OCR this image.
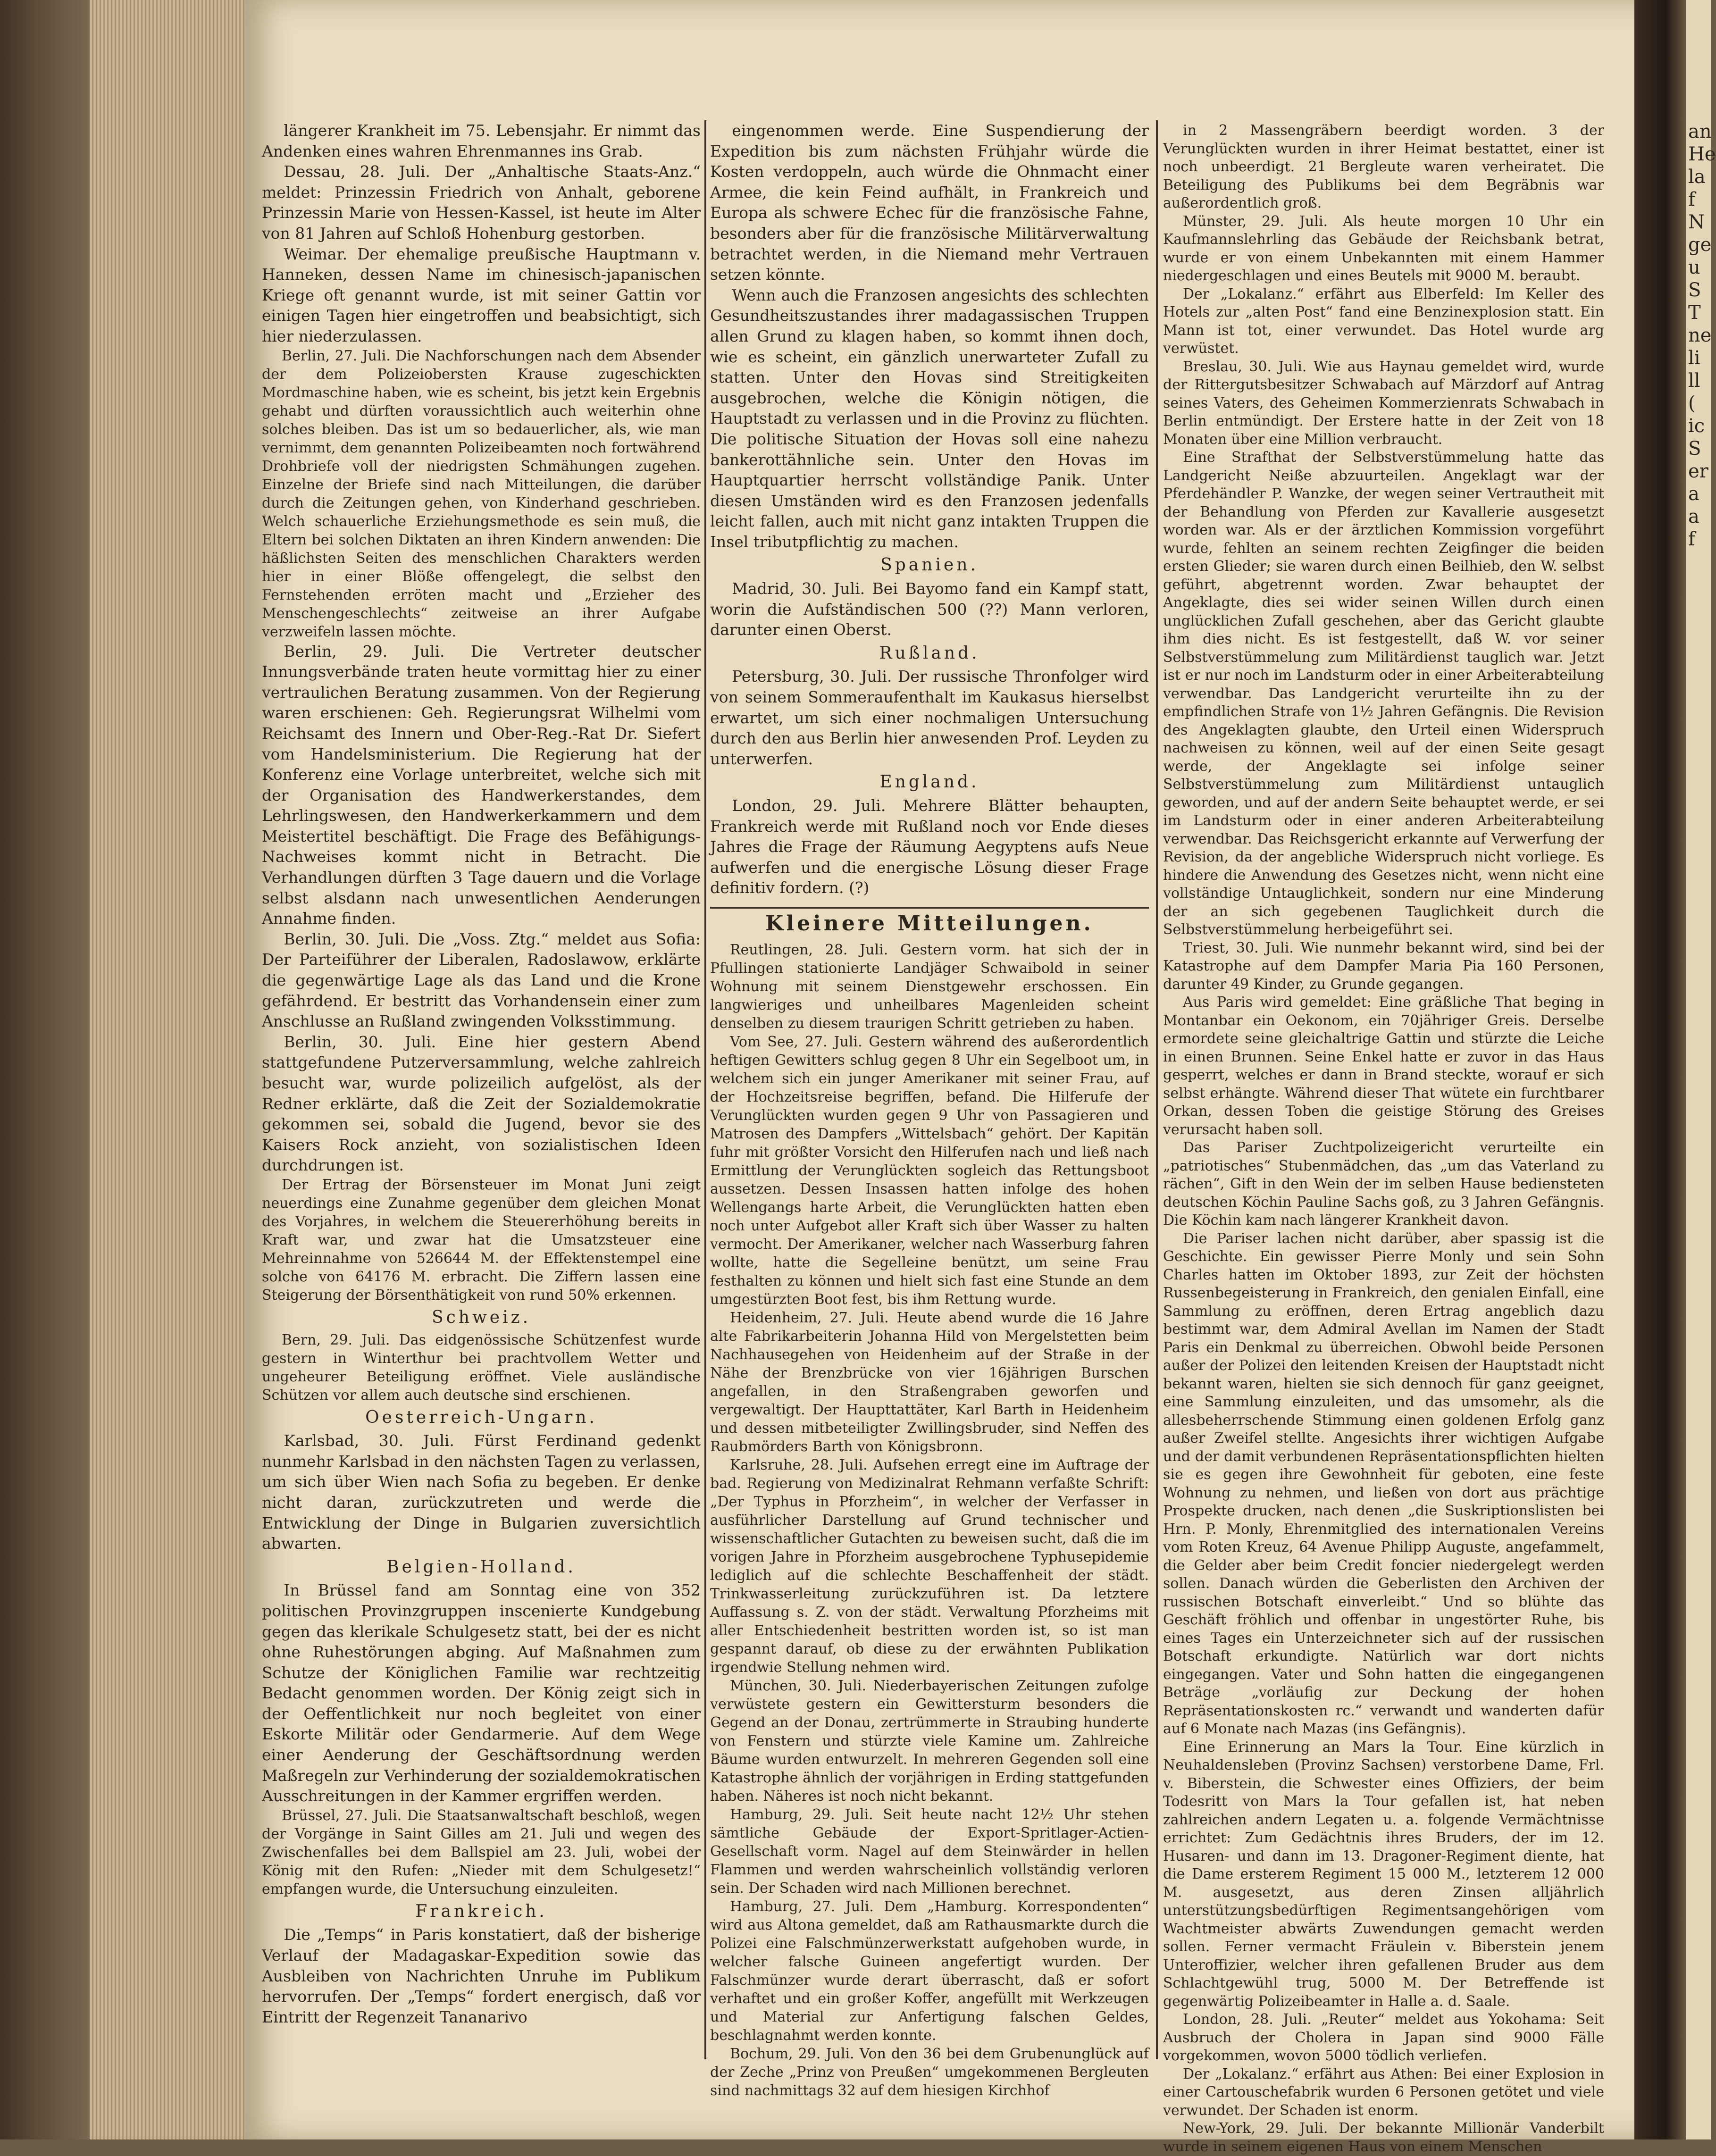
längerer Krankheit im 75. Lebensjahr. Er nimmt das Andenken eines wahren Ehrenmannes ins Grab.

Dessau, 28. Juli. Der „Anhaltische Staats-Anz.“ meldet: Prinzessin Friedrich von Anhalt, geborene Prinzessin Marie von Hessen-Kassel, ist heute im Alter von 81 Jahren auf Schloß Hohenburg gestorben.

Weimar. Der ehemalige preußische Hauptmann v. Hanneken, dessen Name im chinesisch-japanischen Kriege oft genannt wurde, ist mit seiner Gattin vor einigen Tagen hier eingetroffen und beabsichtigt, sich hier niederzulassen.

Berlin, 27. Juli. Die Nachforschungen nach dem Absender der dem Polizeiobersten Krause zugeschickten Mordmaschine haben, wie es scheint, bis jetzt kein Ergebnis gehabt und dürften voraussichtlich auch weiterhin ohne solches bleiben. Das ist um so bedauerlicher, als, wie man vernimmt, dem genannten Polizeibeamten noch fortwährend Drohbriefe voll der niedrigsten Schmähungen zugehen. Einzelne der Briefe sind nach Mitteilungen, die darüber durch die Zeitungen gehen, von Kinderhand geschrieben. Welch schauerliche Erziehungsmethode es sein muß, die Eltern bei solchen Diktaten an ihren Kindern anwenden: Die häßlichsten Seiten des menschlichen Charakters werden hier in einer Blöße offengelegt, die selbst den Fernstehenden erröten macht und „Erzieher des Menschengeschlechts“ zeitweise an ihrer Aufgabe verzweifeln lassen möchte.

Berlin, 29. Juli. Die Vertreter deutscher Innungsverbände traten heute vormittag hier zu einer vertraulichen Beratung zusammen. Von der Regierung waren erschienen: Geh. Regierungsrat Wilhelmi vom Reichsamt des Innern und Ober-Reg.-Rat Dr. Siefert vom Handelsministerium. Die Regierung hat der Konferenz eine Vorlage unterbreitet, welche sich mit der Organisation des Handwerkerstandes, dem Lehrlingswesen, den Handwerkerkammern und dem Meistertitel beschäftigt. Die Frage des Befähigungs-Nachweises kommt nicht in Betracht. Die Verhandlungen dürften 3 Tage dauern und die Vorlage selbst alsdann nach unwesentlichen Aenderungen Annahme finden.

Berlin, 30. Juli. Die „Voss. Ztg.“ meldet aus Sofia: Der Parteiführer der Liberalen, Radoslawow, erklärte die gegenwärtige Lage als das Land und die Krone gefährdend. Er bestritt das Vorhandensein einer zum Anschlusse an Rußland zwingenden Volksstimmung.

Berlin, 30. Juli. Eine hier gestern Abend stattgefundene Putzerversammlung, welche zahlreich besucht war, wurde polizeilich aufgelöst, als der Redner erklärte, daß die Zeit der Sozialdemokratie gekommen sei, sobald die Jugend, bevor sie des Kaisers Rock anzieht, von sozialistischen Ideen durchdrungen ist.

Der Ertrag der Börsensteuer im Monat Juni zeigt neuerdings eine Zunahme gegenüber dem gleichen Monat des Vorjahres, in welchem die Steuererhöhung bereits in Kraft war, und zwar hat die Umsatzsteuer eine Mehreinnahme von 526644 M. der Effektenstempel eine solche von 64176 M. erbracht. Die Ziffern lassen eine Steigerung der Börsenthätigkeit von rund 50% erkennen.

Schweiz.

Bern, 29. Juli. Das eidgenössische Schützenfest wurde gestern in Winterthur bei prachtvollem Wetter und ungeheurer Beteiligung eröffnet. Viele ausländische Schützen vor allem auch deutsche sind erschienen.

Oesterreich-Ungarn.

Karlsbad, 30. Juli. Fürst Ferdinand gedenkt nunmehr Karlsbad in den nächsten Tagen zu verlassen, um sich über Wien nach Sofia zu begeben. Er denke nicht daran, zurückzutreten und werde die Entwicklung der Dinge in Bulgarien zuversichtlich abwarten.

Belgien-Holland.

In Brüssel fand am Sonntag eine von 352 politischen Provinzgruppen inscenierte Kundgebung gegen das klerikale Schulgesetz statt, bei der es nicht ohne Ruhestörungen abging. Auf Maßnahmen zum Schutze der Königlichen Familie war rechtzeitig Bedacht genommen worden. Der König zeigt sich in der Oeffentlichkeit nur noch begleitet von einer Eskorte Militär oder Gendarmerie. Auf dem Wege einer Aenderung der Geschäftsordnung werden Maßregeln zur Verhinderung der sozialdemokratischen Ausschreitungen in der Kammer ergriffen werden.

Brüssel, 27. Juli. Die Staatsanwaltschaft beschloß, wegen der Vorgänge in Saint Gilles am 21. Juli und wegen des Zwischenfalles bei dem Ballspiel am 23. Juli, wobei der König mit den Rufen: „Nieder mit dem Schulgesetz!“ empfangen wurde, die Untersuchung einzuleiten.

Frankreich.

Die „Temps“ in Paris konstatiert, daß der bisherige Verlauf der Madagaskar-Expedition sowie das Ausbleiben von Nachrichten Unruhe im Publikum hervorrufen. Der „Temps“ fordert energisch, daß vor Eintritt der Regenzeit Tananarivo

eingenommen werde. Eine Suspendierung der Expedition bis zum nächsten Frühjahr würde die Kosten verdoppeln, auch würde die Ohnmacht einer Armee, die kein Feind aufhält, in Frankreich und Europa als schwere Echec für die französische Fahne, besonders aber für die französische Militärverwaltung betrachtet werden, in die Niemand mehr Vertrauen setzen könnte.

Wenn auch die Franzosen angesichts des schlechten Gesundheitszustandes ihrer madagassischen Truppen allen Grund zu klagen haben, so kommt ihnen doch, wie es scheint, ein gänzlich unerwarteter Zufall zu statten. Unter den Hovas sind Streitigkeiten ausgebrochen, welche die Königin nötigen, die Hauptstadt zu verlassen und in die Provinz zu flüchten. Die politische Situation der Hovas soll eine nahezu bankerottähnliche sein. Unter den Hovas im Hauptquartier herrscht vollständige Panik. Unter diesen Umständen wird es den Franzosen jedenfalls leicht fallen, auch mit nicht ganz intakten Truppen die Insel tributpflichtig zu machen.

Spanien.

Madrid, 30. Juli. Bei Bayomo fand ein Kampf statt, worin die Aufständischen 500 (??) Mann verloren, darunter einen Oberst.

Rußland.

Petersburg, 30. Juli. Der russische Thronfolger wird von seinem Sommeraufenthalt im Kaukasus hierselbst erwartet, um sich einer nochmaligen Untersuchung durch den aus Berlin hier anwesenden Prof. Leyden zu unterwerfen.

England.

London, 29. Juli. Mehrere Blätter behaupten, Frankreich werde mit Rußland noch vor Ende dieses Jahres die Frage der Räumung Aegyptens aufs Neue aufwerfen und die energische Lösung dieser Frage definitiv fordern. (?)

Kleinere Mitteilungen.

Reutlingen, 28. Juli. Gestern vorm. hat sich der in Pfullingen stationierte Landjäger Schwaibold in seiner Wohnung mit seinem Dienstgewehr erschossen. Ein langwieriges und unheilbares Magenleiden scheint denselben zu diesem traurigen Schritt getrieben zu haben.

Vom See, 27. Juli. Gestern während des außerordentlich heftigen Gewitters schlug gegen 8 Uhr ein Segelboot um, in welchem sich ein junger Amerikaner mit seiner Frau, auf der Hochzeitsreise begriffen, befand. Die Hilferufe der Verunglückten wurden gegen 9 Uhr von Passagieren und Matrosen des Dampfers „Wittelsbach“ gehört. Der Kapitän fuhr mit größter Vorsicht den Hilferufen nach und ließ nach Ermittlung der Verunglückten sogleich das Rettungsboot aussetzen. Dessen Insassen hatten infolge des hohen Wellengangs harte Arbeit, die Verunglückten hatten eben noch unter Aufgebot aller Kraft sich über Wasser zu halten vermocht. Der Amerikaner, welcher nach Wasserburg fahren wollte, hatte die Segelleine benützt, um seine Frau festhalten zu können und hielt sich fast eine Stunde an dem umgestürzten Boot fest, bis ihm Rettung wurde.

Heidenheim, 27. Juli. Heute abend wurde die 16 Jahre alte Fabrikarbeiterin Johanna Hild von Mergelstetten beim Nachhausegehen von Heidenheim auf der Straße in der Nähe der Brenzbrücke von vier 16jährigen Burschen angefallen, in den Straßengraben geworfen und vergewaltigt. Der Haupttattäter, Karl Barth in Heidenheim und dessen mitbeteiligter Zwillingsbruder, sind Neffen des Raubmörders Barth von Königsbronn.

Karlsruhe, 28. Juli. Aufsehen erregt eine im Auftrage der bad. Regierung von Medizinalrat Rehmann verfaßte Schrift: „Der Typhus in Pforzheim“, in welcher der Verfasser in ausführlicher Darstellung auf Grund technischer und wissenschaftlicher Gutachten zu beweisen sucht, daß die im vorigen Jahre in Pforzheim ausgebrochene Typhusepidemie lediglich auf die schlechte Beschaffenheit der städt. Trinkwasserleitung zurückzuführen ist. Da letztere Auffassung s. Z. von der städt. Verwaltung Pforzheims mit aller Entschiedenheit bestritten worden ist, so ist man gespannt darauf, ob diese zu der erwähnten Publikation irgendwie Stellung nehmen wird.

München, 30. Juli. Niederbayerischen Zeitungen zufolge verwüstete gestern ein Gewittersturm besonders die Gegend an der Donau, zertrümmerte in Straubing hunderte von Fenstern und stürzte viele Kamine um. Zahlreiche Bäume wurden entwurzelt. In mehreren Gegenden soll eine Katastrophe ähnlich der vorjährigen in Erding stattgefunden haben. Näheres ist noch nicht bekannt.

Hamburg, 29. Juli. Seit heute nacht 12½ Uhr stehen sämtliche Gebäude der Export-Spritlager-Actien-Gesellschaft vorm. Nagel auf dem Steinwärder in hellen Flammen und werden wahrscheinlich vollständig verloren sein. Der Schaden wird nach Millionen berechnet.

Hamburg, 27. Juli. Dem „Hamburg. Korrespondenten“ wird aus Altona gemeldet, daß am Rathausmarkte durch die Polizei eine Falschmünzerwerkstatt aufgehoben wurde, in welcher falsche Guineen angefertigt wurden. Der Falschmünzer wurde derart überrascht, daß er sofort verhaftet und ein großer Koffer, angefüllt mit Werkzeugen und Material zur Anfertigung falschen Geldes, beschlagnahmt werden konnte.

Bochum, 29. Juli. Von den 36 bei dem Grubenunglück auf der Zeche „Prinz von Preußen“ umgekommenen Bergleuten sind nachmittags 32 auf dem hiesigen Kirchhof

in 2 Massengräbern beerdigt worden. 3 der Verunglückten wurden in ihrer Heimat bestattet, einer ist noch unbeerdigt. 21 Bergleute waren verheiratet. Die Beteiligung des Publikums bei dem Begräbnis war außerordentlich groß.

Münster, 29. Juli. Als heute morgen 10 Uhr ein Kaufmannslehrling das Gebäude der Reichsbank betrat, wurde er von einem Unbekannten mit einem Hammer niedergeschlagen und eines Beutels mit 9000 M. beraubt.

Der „Lokalanz.“ erfährt aus Elberfeld: Im Keller des Hotels zur „alten Post“ fand eine Benzinexplosion statt. Ein Mann ist tot, einer verwundet. Das Hotel wurde arg verwüstet.

Breslau, 30. Juli. Wie aus Haynau gemeldet wird, wurde der Rittergutsbesitzer Schwabach auf Märzdorf auf Antrag seines Vaters, des Geheimen Kommerzienrats Schwabach in Berlin entmündigt. Der Erstere hatte in der Zeit von 18 Monaten über eine Million verbraucht.

Eine Strafthat der Selbstverstümmelung hatte das Landgericht Neiße abzuurteilen. Angeklagt war der Pferdehändler P. Wanzke, der wegen seiner Vertrautheit mit der Behandlung von Pferden zur Kavallerie ausgesetzt worden war. Als er der ärztlichen Kommission vorgeführt wurde, fehlten an seinem rechten Zeigfinger die beiden ersten Glieder; sie waren durch einen Beilhieb, den W. selbst geführt, abgetrennt worden. Zwar behauptet der Angeklagte, dies sei wider seinen Willen durch einen unglücklichen Zufall geschehen, aber das Gericht glaubte ihm dies nicht. Es ist festgestellt, daß W. vor seiner Selbstverstümmelung zum Militärdienst tauglich war. Jetzt ist er nur noch im Landsturm oder in einer Arbeiterabteilung verwendbar. Das Landgericht verurteilte ihn zu der empfindlichen Strafe von 1½ Jahren Gefängnis. Die Revision des Angeklagten glaubte, den Urteil einen Widerspruch nachweisen zu können, weil auf der einen Seite gesagt werde, der Angeklagte sei infolge seiner Selbstverstümmelung zum Militärdienst untauglich geworden, und auf der andern Seite behauptet werde, er sei im Landsturm oder in einer anderen Arbeiterabteilung verwendbar. Das Reichsgericht erkannte auf Verwerfung der Revision, da der angebliche Widerspruch nicht vorliege. Es hindere die Anwendung des Gesetzes nicht, wenn nicht eine vollständige Untauglichkeit, sondern nur eine Minderung der an sich gegebenen Tauglichkeit durch die Selbstverstümmelung herbeigeführt sei.

Triest, 30. Juli. Wie nunmehr bekannt wird, sind bei der Katastrophe auf dem Dampfer Maria Pia 160 Personen, darunter 49 Kinder, zu Grunde gegangen.

Aus Paris wird gemeldet: Eine gräßliche That beging in Montanbar ein Oekonom, ein 70jähriger Greis. Derselbe ermordete seine gleichaltrige Gattin und stürzte die Leiche in einen Brunnen. Seine Enkel hatte er zuvor in das Haus gesperrt, welches er dann in Brand steckte, worauf er sich selbst erhängte. Während dieser That wütete ein furchtbarer Orkan, dessen Toben die geistige Störung des Greises verursacht haben soll.

Das Pariser Zuchtpolizeigericht verurteilte ein „patriotisches“ Stubenmädchen, das „um das Vaterland zu rächen“, Gift in den Wein der im selben Hause bediensteten deutschen Köchin Pauline Sachs goß, zu 3 Jahren Gefängnis. Die Köchin kam nach längerer Krankheit davon.

Die Pariser lachen nicht darüber, aber spassig ist die Geschichte. Ein gewisser Pierre Monly und sein Sohn Charles hatten im Oktober 1893, zur Zeit der höchsten Russenbegeisterung in Frankreich, den genialen Einfall, eine Sammlung zu eröffnen, deren Ertrag angeblich dazu bestimmt war, dem Admiral Avellan im Namen der Stadt Paris ein Denkmal zu überreichen. Obwohl beide Personen außer der Polizei den leitenden Kreisen der Hauptstadt nicht bekannt waren, hielten sie sich dennoch für ganz geeignet, eine Sammlung einzuleiten, und das umsomehr, als die allesbeherrschende Stimmung einen goldenen Erfolg ganz außer Zweifel stellte. Angesichts ihrer wichtigen Aufgabe und der damit verbundenen Repräsentationspflichten hielten sie es gegen ihre Gewohnheit für geboten, eine feste Wohnung zu nehmen, und ließen von dort aus prächtige Prospekte drucken, nach denen „die Suskriptionslisten bei Hrn. P. Monly, Ehrenmitglied des internationalen Vereins vom Roten Kreuz, 64 Avenue Philipp Auguste, angefammelt, die Gelder aber beim Credit foncier niedergelegt werden sollen. Danach würden die Geberlisten den Archiven der russischen Botschaft einverleibt.“ Und so blühte das Geschäft fröhlich und offenbar in ungestörter Ruhe, bis eines Tages ein Unterzeichneter sich auf der russischen Botschaft erkundigte. Natürlich war dort nichts eingegangen. Vater und Sohn hatten die eingegangenen Beträge „vorläufig zur Deckung der hohen Repräsentationskosten rc.“ verwandt und wanderten dafür auf 6 Monate nach Mazas (ins Gefängnis).

Eine Erinnerung an Mars la Tour. Eine kürzlich in Neuhaldensleben (Provinz Sachsen) verstorbene Dame, Frl. v. Biberstein, die Schwester eines Offiziers, der beim Todesritt von Mars la Tour gefallen ist, hat neben zahlreichen andern Legaten u. a. folgende Vermächtnisse errichtet: Zum Gedächtnis ihres Bruders, der im 12. Husaren- und dann im 13. Dragoner-Regiment diente, hat die Dame ersterem Regiment 15 000 M., letzterem 12 000 M. ausgesetzt, aus deren Zinsen alljährlich unterstützungsbedürftigen Regimentsangehörigen vom Wachtmeister abwärts Zuwendungen gemacht werden sollen. Ferner vermacht Fräulein v. Biberstein jenem Unteroffizier, welcher ihren gefallenen Bruder aus dem Schlachtgewühl trug, 5000 M. Der Betreffende ist gegenwärtig Polizeibeamter in Halle a. d. Saale.

London, 28. Juli. „Reuter“ meldet aus Yokohama: Seit Ausbruch der Cholera in Japan sind 9000 Fälle vorgekommen, wovon 5000 tödlich verliefen.

Der „Lokalanz.“ erfährt aus Athen: Bei einer Explosion in einer Cartouschefabrik wurden 6 Personen getötet und viele verwundet. Der Schaden ist enorm.

New-York, 29. Juli. Der bekannte Millionär Vanderbilt wurde in seinem eigenen Haus von einem Menschen

an
He
la
f
N
ge
u
S
T
ne
li
ll
(
ic
S
er
a
a
f
